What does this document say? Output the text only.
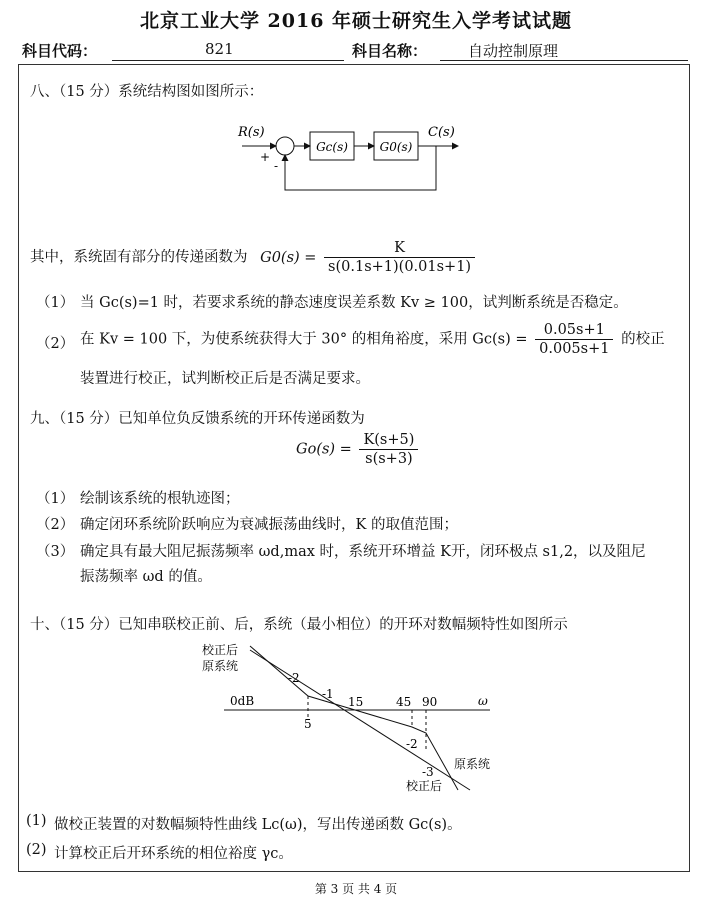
北京工业大学 2016 年硕士研究生入学考试试题
科目代码：	821	科目名称：	自动控制原理
八、（15 分）系统结构图如图所示：
R(s)
+
-
Gc(s)	G0(s)
C(s)
其中，系统固有部分的传递函数为 $G0(s) = \frac{K}{s(0.1s+1)(0.01s+1)}$
（1） 当 Gc(s)=1 时，若要求系统的静态速度误差系数 Kv ≥ 100，试判断系统是否稳定。
（2） 在 Kv = 100 下，为使系统获得大于 30° 的相角裕度，采用 $Gc(s) = \frac{0.05s+1}{0.005s+1}$ 的校正
装置进行校正，试判断校正后是否满足要求。
九、（15 分）已知单位负反馈系统的开环传递函数为
$Go(s) = \frac{K(s+5)}{s(s+3)}$
（1） 绘制该系统的根轨迹图；
（2） 确定闭环系统阶跃响应为衰减振荡曲线时，K 的取值范围；
（3） 确定具有最大阻尼振荡频率 ωd,max 时，系统开环增益 K开，闭环极点 s1,2，以及阻尼
振荡频率 ωd 的值。
十、（15 分）已知串联校正前、后，系统（最小相位）的开环对数幅频特性如图所示
校正后
原系统
0dB	ω
-2
-1
-2
-3
5
15	45 90
原系统
校正后
(1) 做校正装置的对数幅频特性曲线 Lc(ω)，写出传递函数 Gc(s)。
(2) 计算校正后开环系统的相位裕度 γc。
第 3 页 共 4 页
